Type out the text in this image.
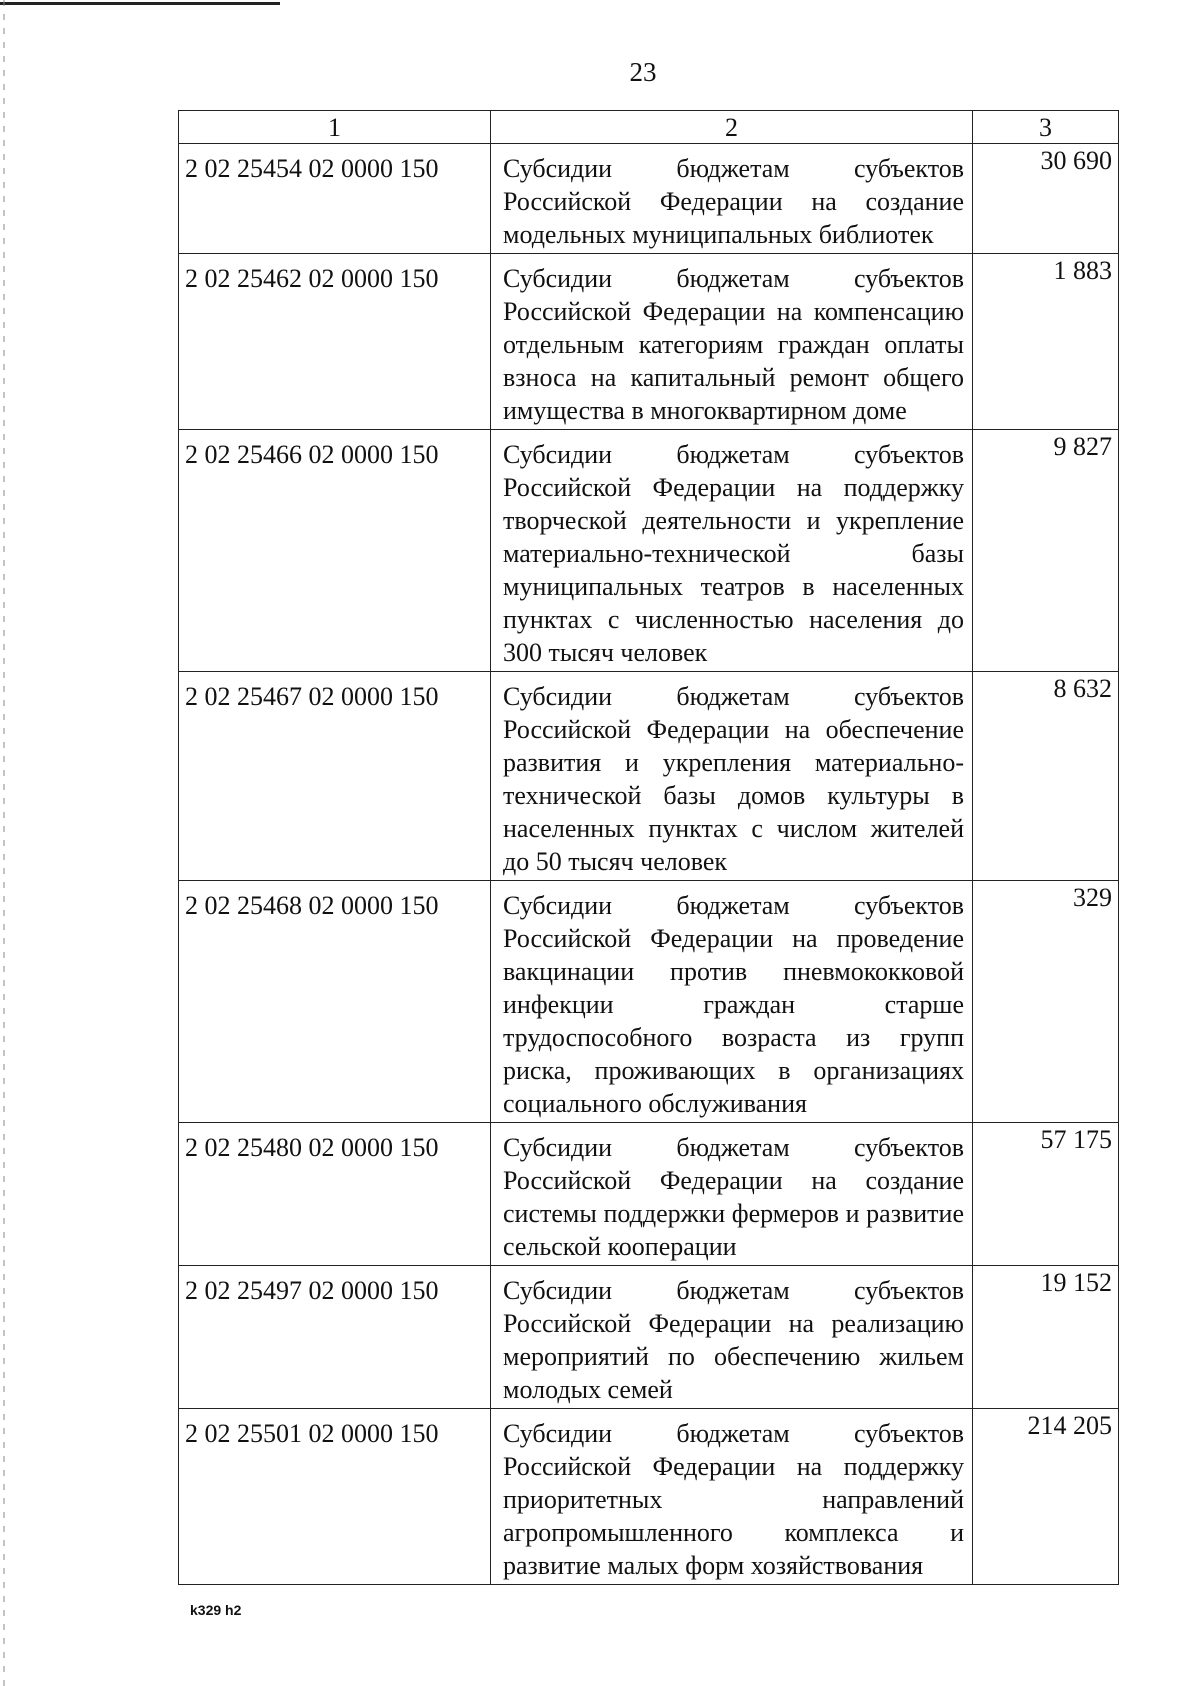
23
1	2	3
2 02 25454 02 0000 150	Субсидии бюджетам субъектов Российской Федерации на создание модельных муниципальных библиотек	30 690
2 02 25462 02 0000 150	Субсидии бюджетам субъектов Российской Федерации на компенсацию отдельным категориям граждан оплаты взноса на капитальный ремонт общего имущества в многоквартирном доме	1 883
2 02 25466 02 0000 150	Субсидии бюджетам субъектов Российской Федерации на поддержку творческой деятельности и укрепление материально-технической базы муниципальных театров в населенных пунктах с численностью населения до 300 тысяч человек	9 827
2 02 25467 02 0000 150	Субсидии бюджетам субъектов Российской Федерации на обеспечение развития и укрепления материально-технической базы домов культуры в населенных пунктах с числом жителей до 50 тысяч человек	8 632
2 02 25468 02 0000 150	Субсидии бюджетам субъектов Российской Федерации на проведение вакцинации против пневмококковой инфекции граждан старше трудоспособного возраста из групп риска, проживающих в организациях социального обслуживания	329
2 02 25480 02 0000 150	Субсидии бюджетам субъектов Российской Федерации на создание системы поддержки фермеров и развитие сельской кооперации	57 175
2 02 25497 02 0000 150	Субсидии бюджетам субъектов Российской Федерации на реализацию мероприятий по обеспечению жильем молодых семей	19 152
2 02 25501 02 0000 150	Субсидии бюджетам субъектов Российской Федерации на поддержку приоритетных направлений агропромышленного комплекса и развитие малых форм хозяйствования	214 205
k329 h2
